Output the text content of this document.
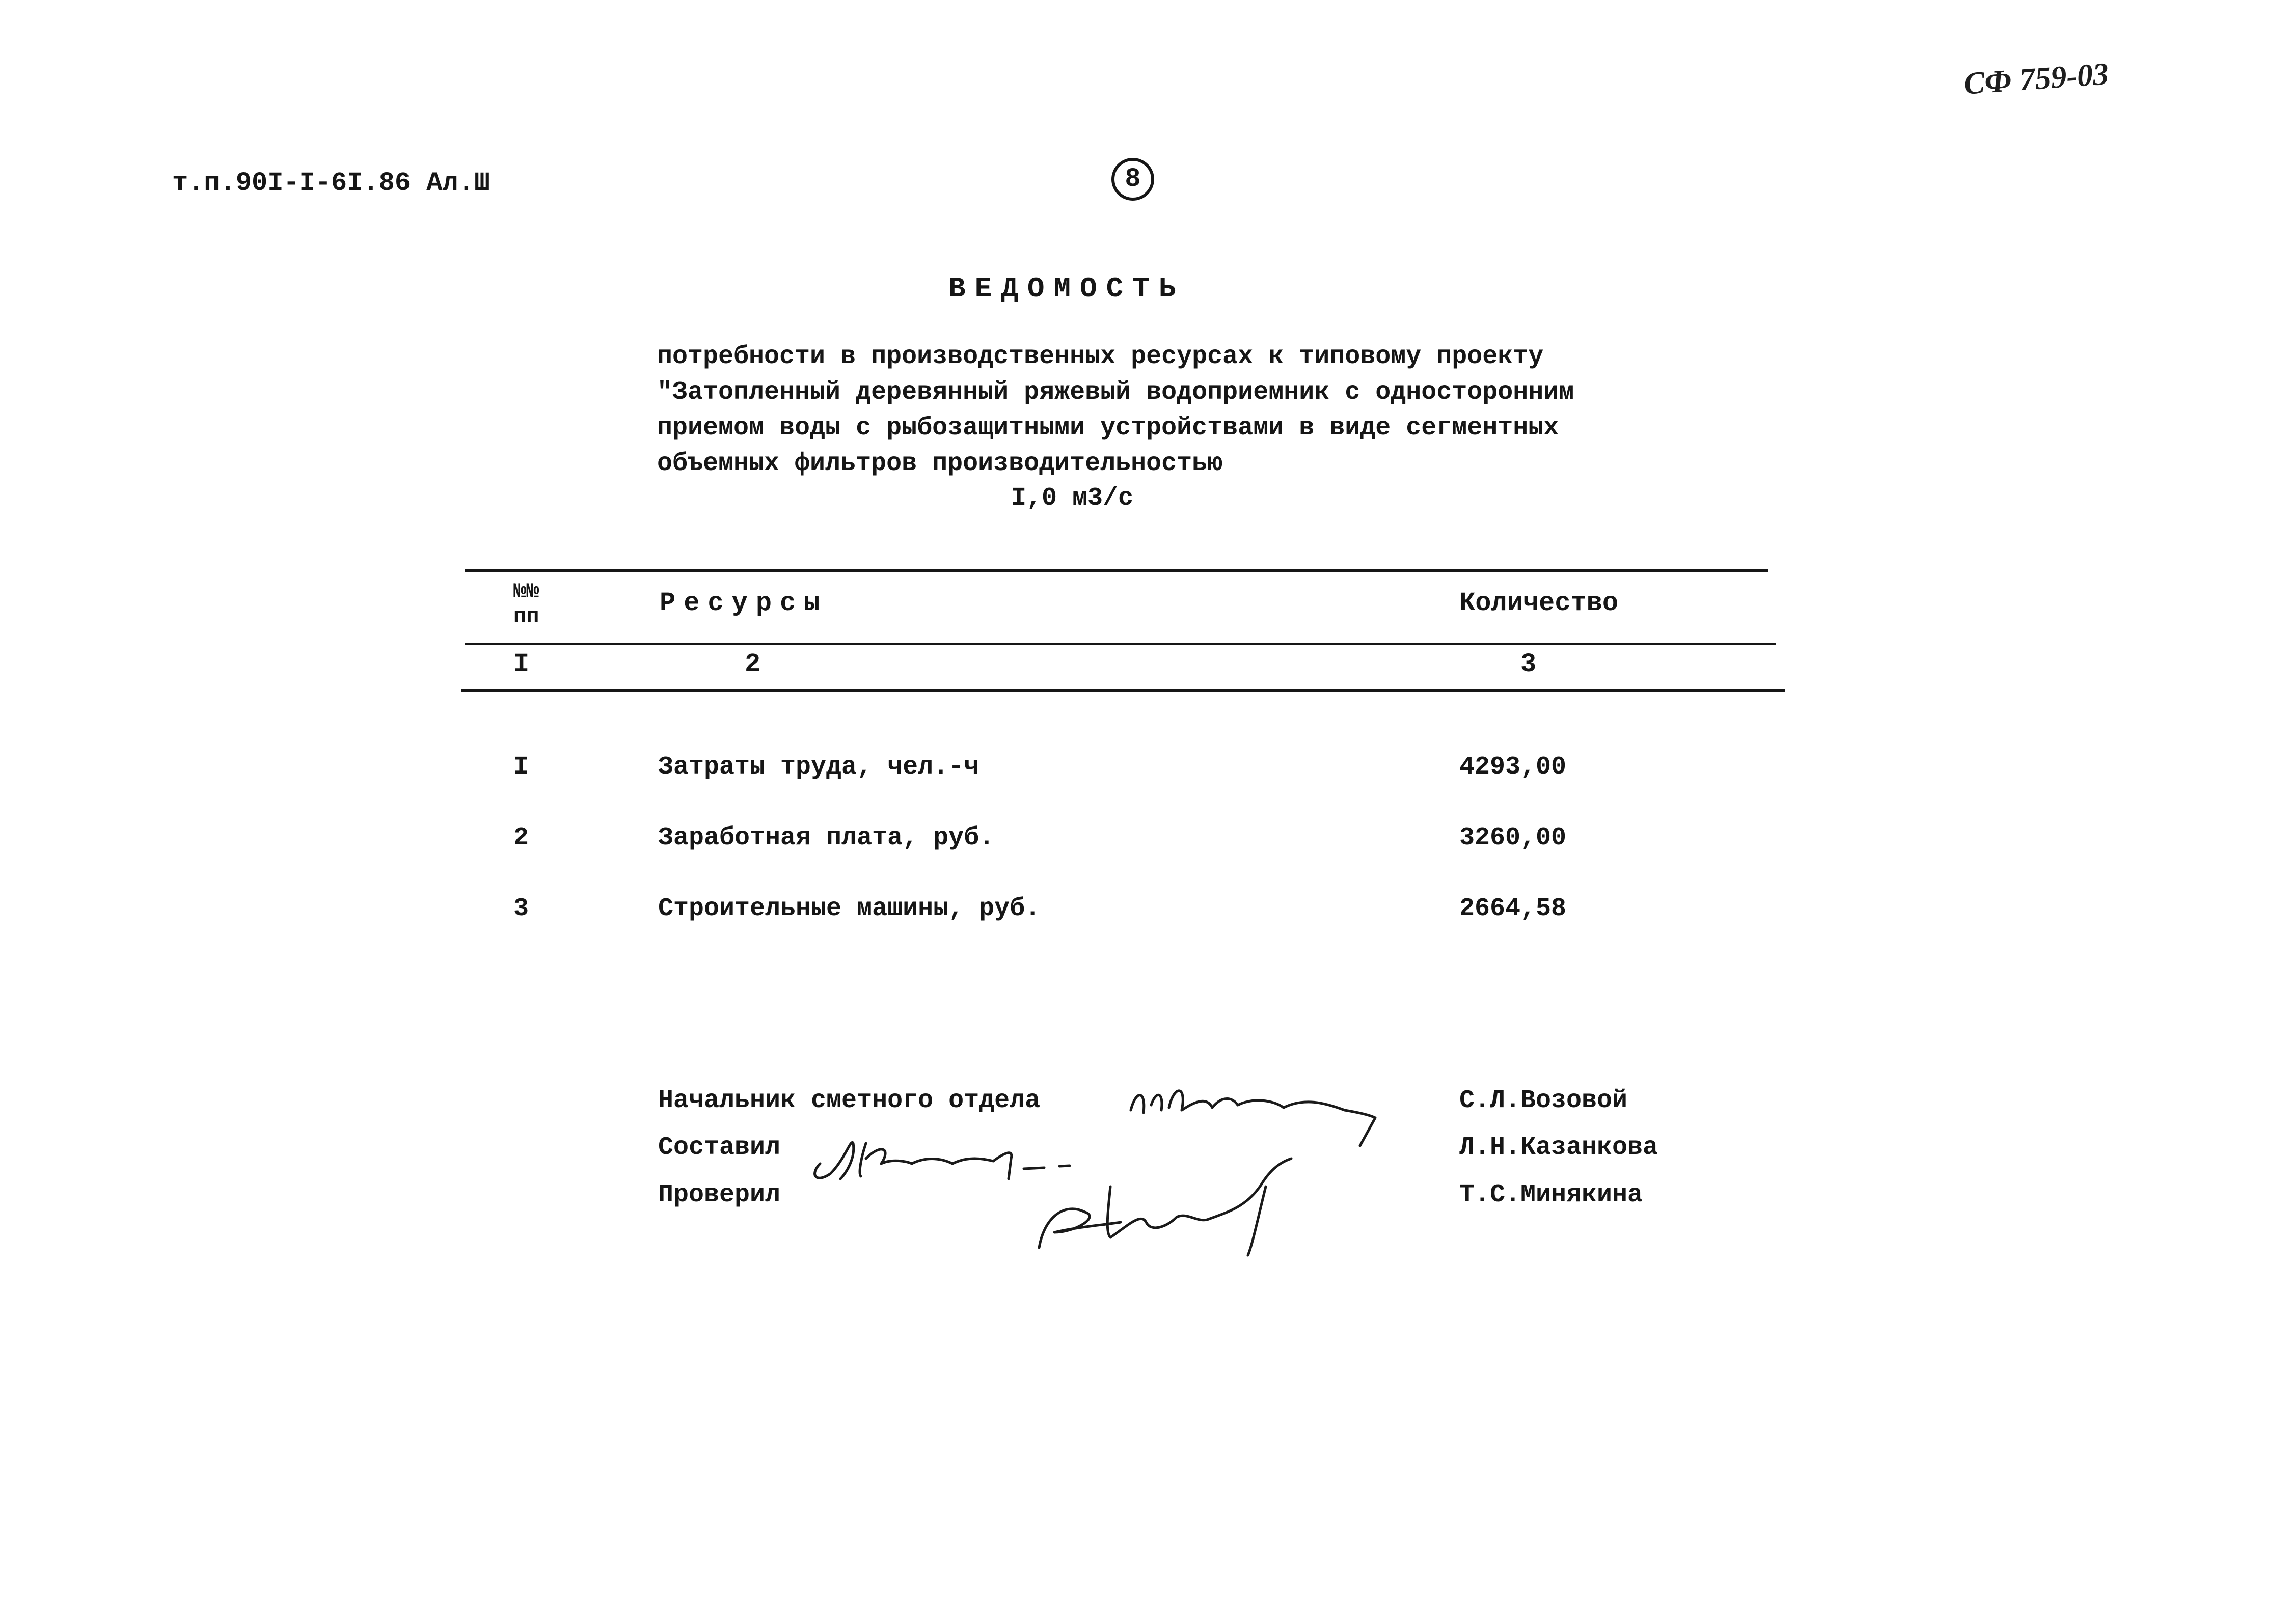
СФ 759-03
т.п.90I-I-6I.86 Ал.Ш	8
ВЕДОМОСТЬ
потребности в производственных ресурсах к типовому проекту
"Затопленный деревянный ряжевый водоприемник с односторонним
приемом воды с рыбозащитными устройствами в виде сегментных
объемных фильтров производительностью
I,0 м3/с
№№
пп	Ресурсы	Количество
I	2	3
I	Затраты труда, чел.-ч	4293,00
2	Заработная плата, руб.	3260,00
3	Строительные машины, руб.	2664,58
Начальник сметного отдела	С.Л.Возовой
Составил	Л.Н.Казанкова
Проверил	Т.С.Минякина
